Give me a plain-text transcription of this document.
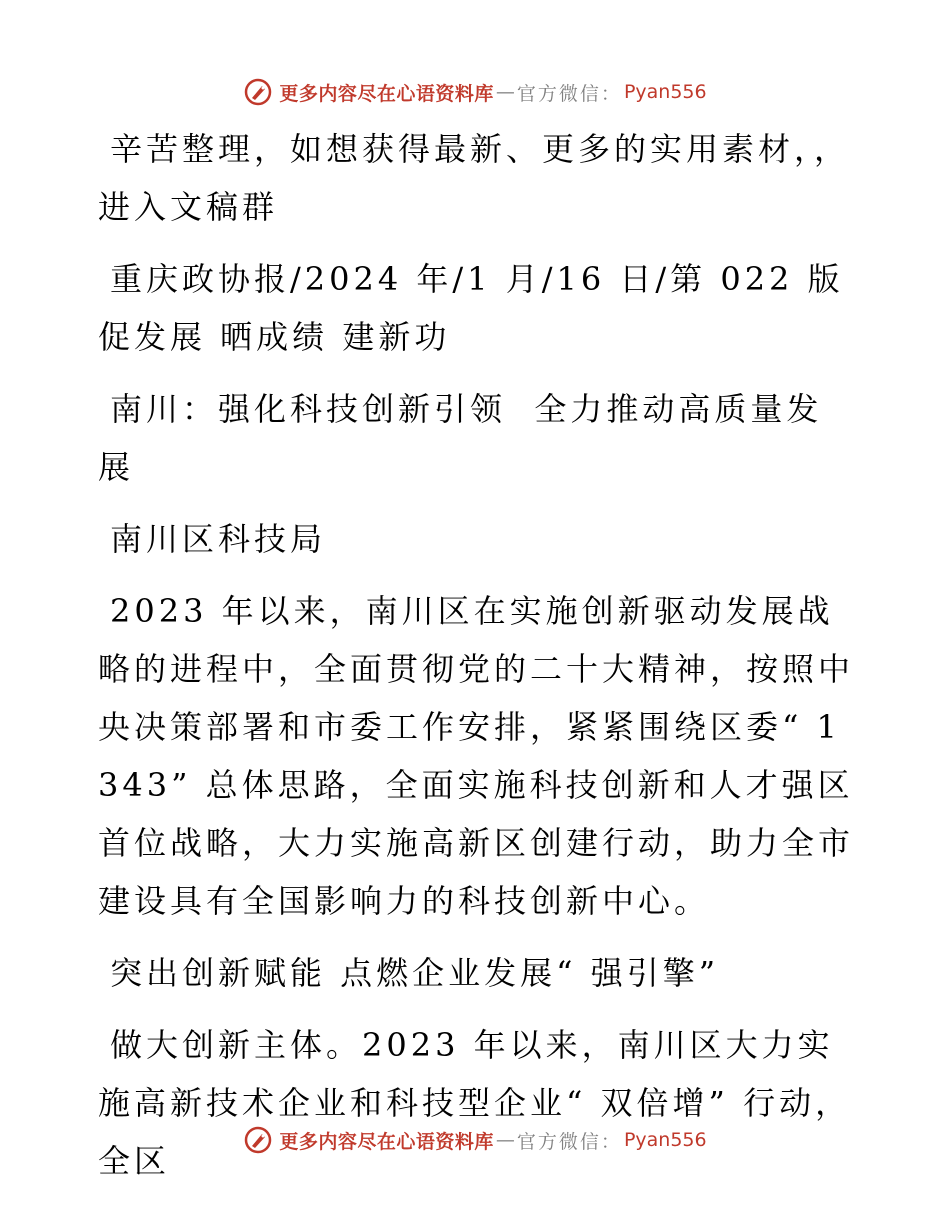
更多内容尽在心语资料库 — 官方微信： Pyan556

辛苦整理，如想获得最新、更多的实用素材，，进入文稿群

重庆政协报/2024 年/1 月/16 日/第 022 版促发展 晒成绩 建新功

南川：强化科技创新引领  全力推动高质量发展

南川区科技局

2023 年以来，南川区在实施创新驱动发展战略的进程中，全面贯彻党的二十大精神，按照中央决策部署和市委工作安排，紧紧围绕区委“ 1343” 总体思路，全面实施科技创新和人才强区首位战略，大力实施高新区创建行动，助力全市建设具有全国影响力的科技创新中心。

突出创新赋能 点燃企业发展“ 强引擎”

做大创新主体。2023 年以来，南川区大力实施高新技术企业和科技型企业“ 双倍增” 行动，全区

更多内容尽在心语资料库 — 官方微信： Pyan556
